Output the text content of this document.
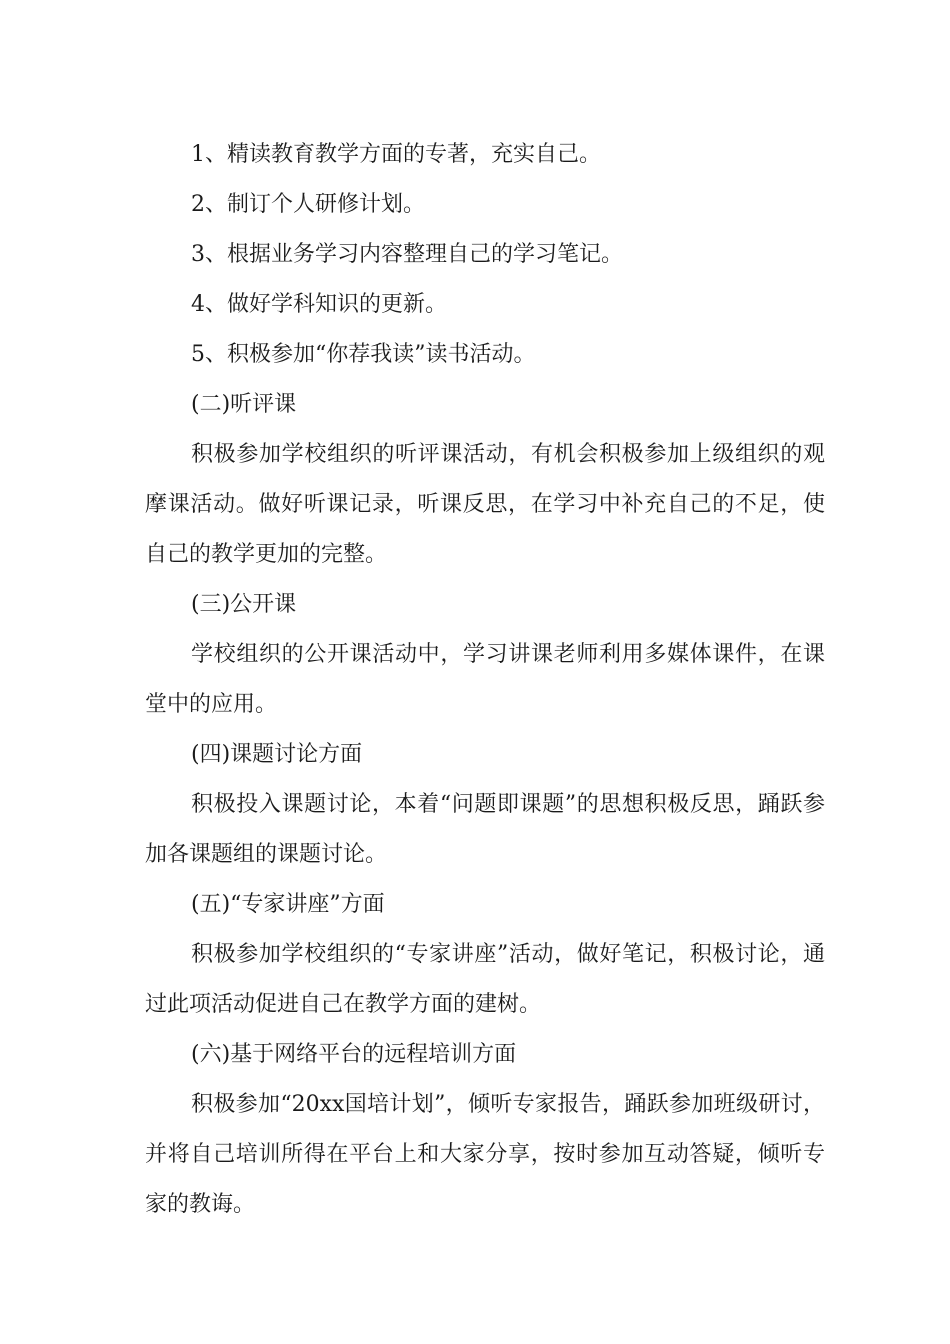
1、精读教育教学方面的专著，充实自己。

2、制订个人研修计划。

3、根据业务学习内容整理自己的学习笔记。

4、做好学科知识的更新。

5、积极参加“你荐我读”读书活动。

(二)听评课

积极参加学校组织的听评课活动，有机会积极参加上级组织的观摩课活动。做好听课记录，听课反思，在学习中补充自己的不足，使自己的教学更加的完整。

(三)公开课

学校组织的公开课活动中，学习讲课老师利用多媒体课件，在课堂中的应用。

(四)课题讨论方面

积极投入课题讨论，本着“问题即课题”的思想积极反思，踊跃参加各课题组的课题讨论。

(五)“专家讲座”方面

积极参加学校组织的“专家讲座”活动，做好笔记，积极讨论，通过此项活动促进自己在教学方面的建树。

(六)基于网络平台的远程培训方面

积极参加“20xx国培计划”，倾听专家报告，踊跃参加班级研讨，并将自己培训所得在平台上和大家分享，按时参加互动答疑，倾听专家的教诲。
